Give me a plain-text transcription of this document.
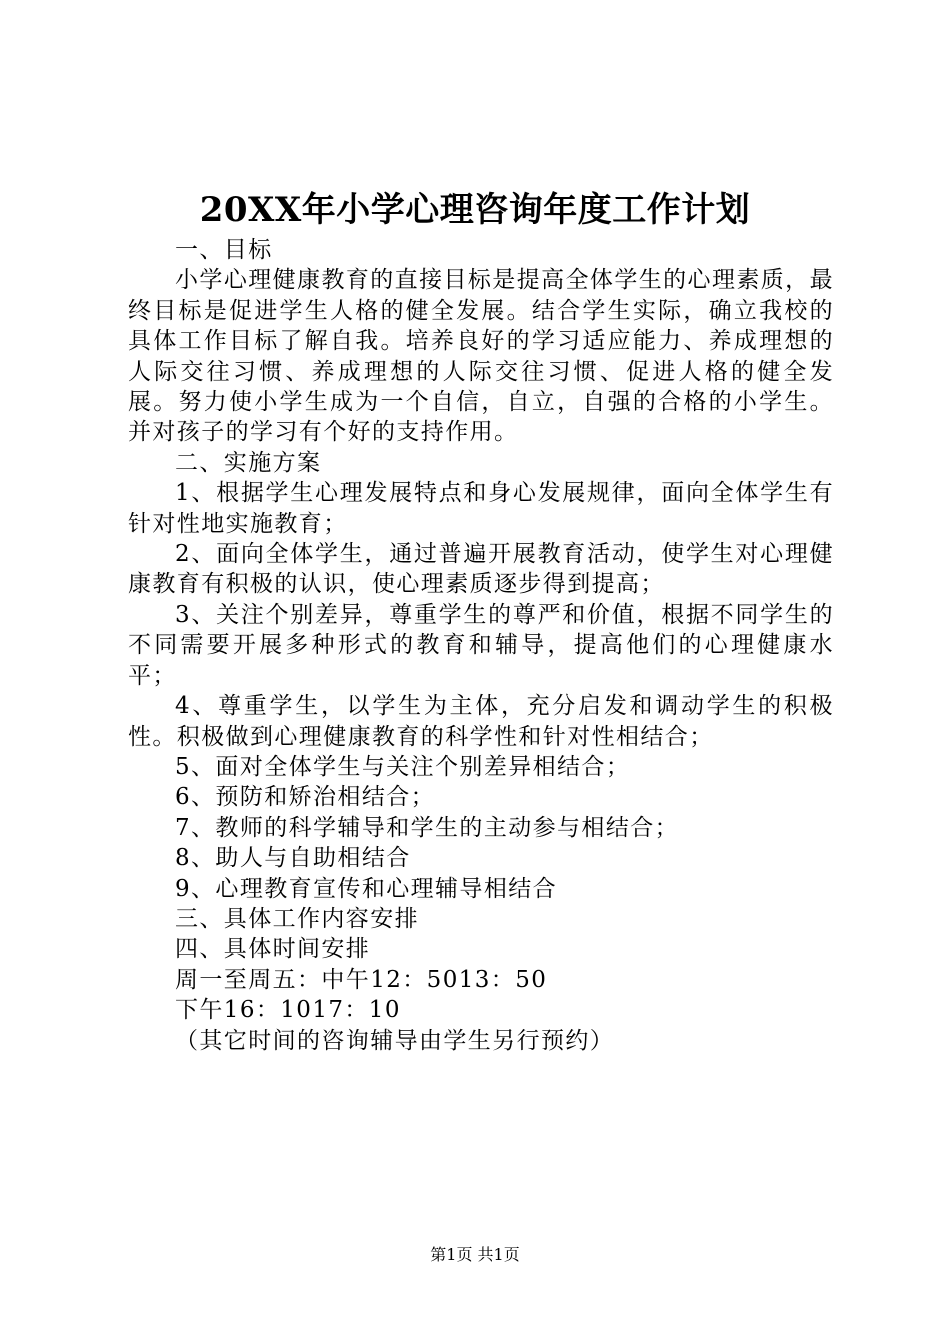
20XX年小学心理咨询年度工作计划

一、目标

小学心理健康教育的直接目标是提高全体学生的心理素质，最终目标是促进学生人格的健全发展。结合学生实际，确立我校的具体工作目标了解自我。培养良好的学习适应能力、养成理想的人际交往习惯、养成理想的人际交往习惯、促进人格的健全发展。努力使小学生成为一个自信，自立，自强的合格的小学生。并对孩子的学习有个好的支持作用。

二、实施方案

1、根据学生心理发展特点和身心发展规律，面向全体学生有针对性地实施教育；

2、面向全体学生，通过普遍开展教育活动，使学生对心理健康教育有积极的认识，使心理素质逐步得到提高；

3、关注个别差异，尊重学生的尊严和价值，根据不同学生的不同需要开展多种形式的教育和辅导，提高他们的心理健康水平；

4、尊重学生，以学生为主体，充分启发和调动学生的积极性。积极做到心理健康教育的科学性和针对性相结合；

5、面对全体学生与关注个别差异相结合；

6、预防和矫治相结合；

7、教师的科学辅导和学生的主动参与相结合；

8、助人与自助相结合

9、心理教育宣传和心理辅导相结合

三、具体工作内容安排

四、具体时间安排

周一至周五：中午12：5013：50

下午16：1017：10

（其它时间的咨询辅导由学生另行预约）

第1页 共1页
